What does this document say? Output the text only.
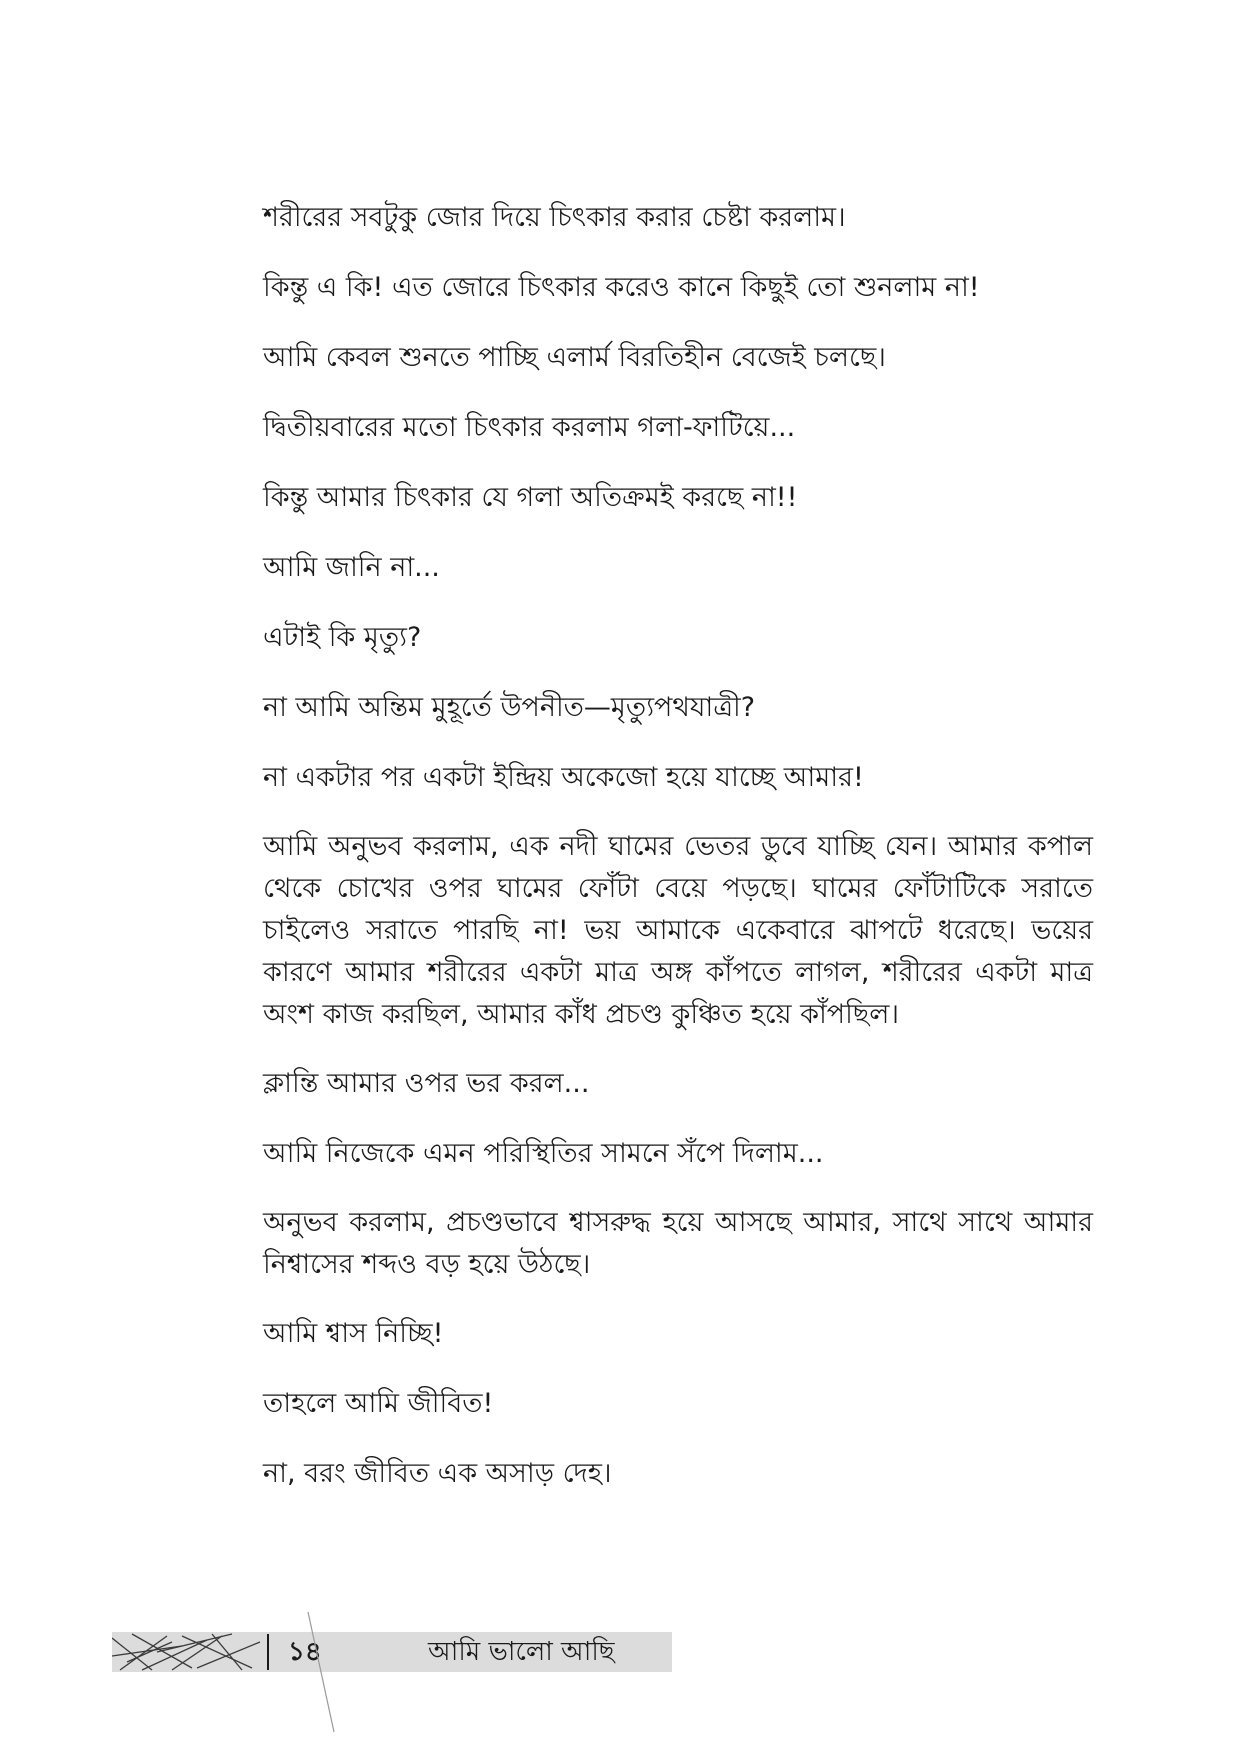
শরীরের সবটুকু জোর দিয়ে চিৎকার করার চেষ্টা করলাম।

কিন্তু এ কি! এত জোরে চিৎকার করেও কানে কিছুই তো শুনলাম না!

আমি কেবল শুনতে পাচ্ছি এলার্ম বিরতিহীন বেজেই চলছে।

দ্বিতীয়বারের মতো চিৎকার করলাম গলা-ফাটিয়ে...

কিন্তু আমার চিৎকার যে গলা অতিক্রমই করছে না!!

আমি জানি না...

এটাই কি মৃত্যু?

না আমি অন্তিম মুহূর্তে উপনীত—মৃত্যুপথযাত্রী?

না একটার পর একটা ইন্দ্রিয় অকেজো হয়ে যাচ্ছে আমার!

আমি অনুভব করলাম, এক নদী ঘামের ভেতর ডুবে যাচ্ছি যেন। আমার কপাল থেকে চোখের ওপর ঘামের ফোঁটা বেয়ে পড়ছে। ঘামের ফোঁটাটিকে সরাতে চাইলেও সরাতে পারছি না! ভয় আমাকে একেবারে ঝাপটে ধরেছে। ভয়ের কারণে আমার শরীরের একটা মাত্র অঙ্গ কাঁপতে লাগল, শরীরের একটা মাত্র অংশ কাজ করছিল, আমার কাঁধ প্রচণ্ড কুঞ্চিত হয়ে কাঁপছিল।

ক্লান্তি আমার ওপর ভর করল...

আমি নিজেকে এমন পরিস্থিতির সামনে সঁপে দিলাম...

অনুভব করলাম, প্রচণ্ডভাবে শ্বাসরুদ্ধ হয়ে আসছে আমার, সাথে সাথে আমার নিশ্বাসের শব্দও বড় হয়ে উঠছে।

আমি শ্বাস নিচ্ছি!

তাহলে আমি জীবিত!

না, বরং জীবিত এক অসাড় দেহ।

১৪	আমি ভালো আছি
